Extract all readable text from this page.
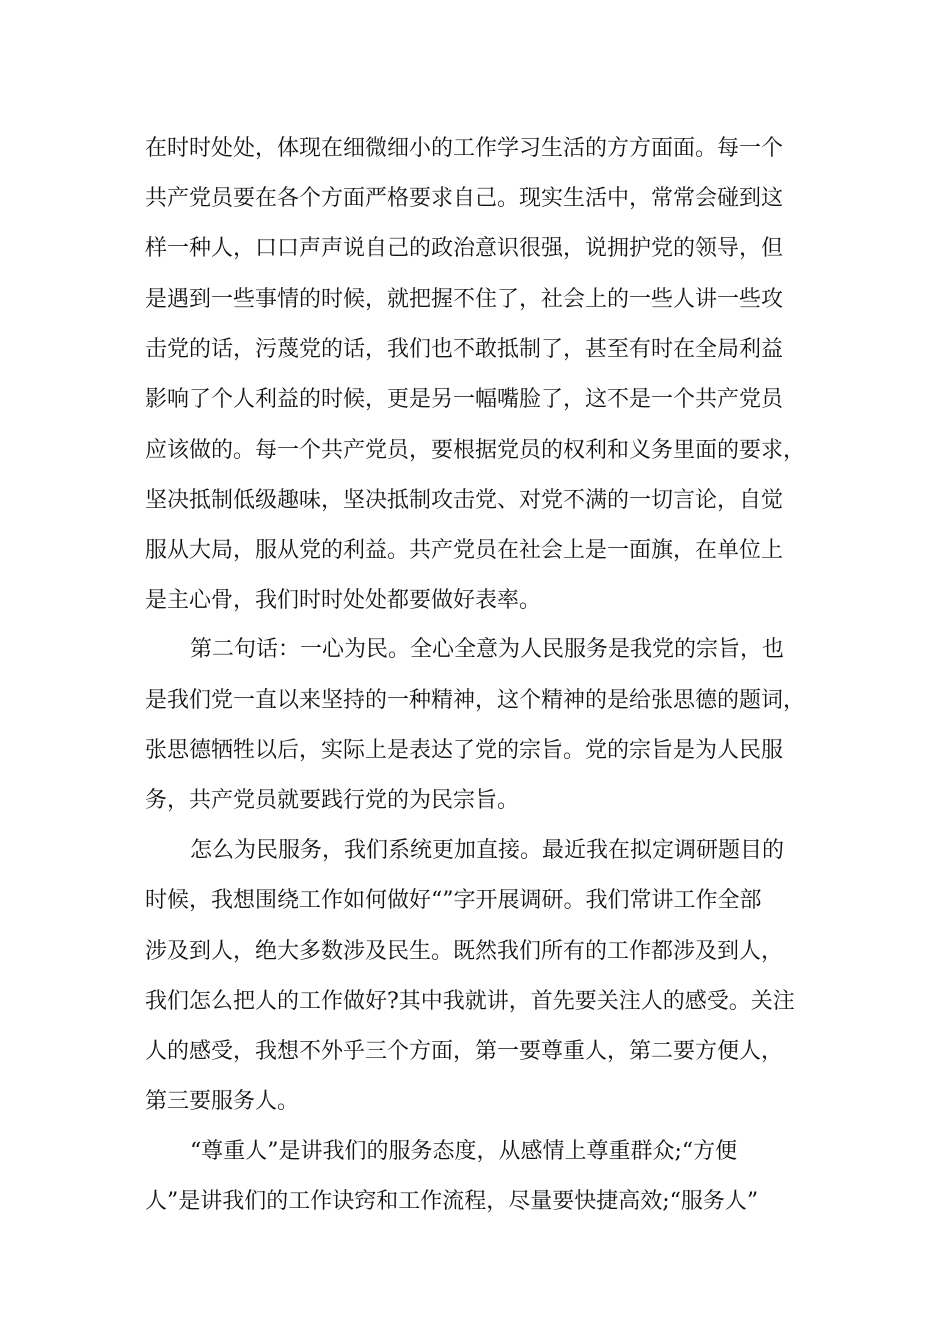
在时时处处，体现在细微细小的工作学习生活的方方面面。每一个

共产党员要在各个方面严格要求自己。现实生活中，常常会碰到这

样一种人，口口声声说自己的政治意识很强，说拥护党的领导，但

是遇到一些事情的时候，就把握不住了，社会上的一些人讲一些攻

击党的话，污蔑党的话，我们也不敢抵制了，甚至有时在全局利益

影响了个人利益的时候，更是另一幅嘴脸了，这不是一个共产党员

应该做的。每一个共产党员，要根据党员的权利和义务里面的要求，

坚决抵制低级趣味，坚决抵制攻击党、对党不满的一切言论，自觉

服从大局，服从党的利益。共产党员在社会上是一面旗，在单位上

是主心骨，我们时时处处都要做好表率。

第二句话：一心为民。全心全意为人民服务是我党的宗旨，也

是我们党一直以来坚持的一种精神，这个精神的是给张思德的题词，

张思德牺牲以后，实际上是表达了党的宗旨。党的宗旨是为人民服

务，共产党员就要践行党的为民宗旨。

怎么为民服务，我们系统更加直接。最近我在拟定调研题目的

时候，我想围绕工作如何做好“”字开展调研。我们常讲工作全部

涉及到人，绝大多数涉及民生。既然我们所有的工作都涉及到人，

我们怎么把人的工作做好?其中我就讲，首先要关注人的感受。关注

人的感受，我想不外乎三个方面，第一要尊重人，第二要方便人，

第三要服务人。

“尊重人”是讲我们的服务态度，从感情上尊重群众;“方便

人”是讲我们的工作诀窍和工作流程，尽量要快捷高效;“服务人”
